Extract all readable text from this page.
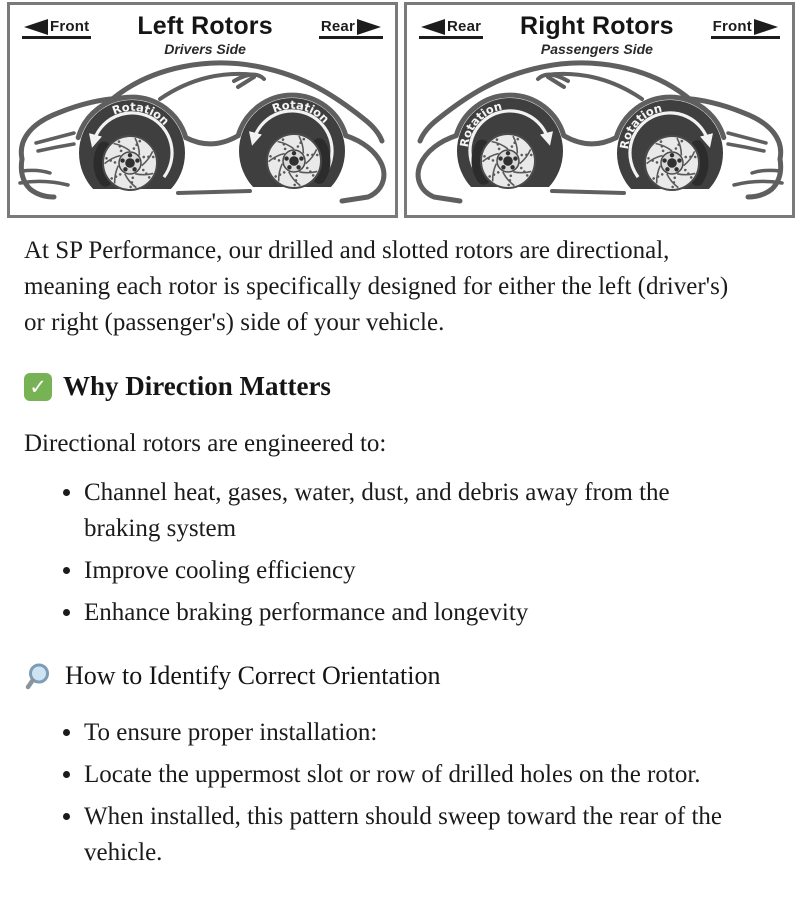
Front Left Rotors
Drivers Side
Rear	Rear Right Rotors
Passengers Side
Front

At SP Performance, our drilled and slotted rotors are directional, meaning each rotor is specifically designed for either the left (driver's) or right (passenger's) side of your vehicle.

✓ Why Direction Matters

Directional rotors are engineered to:

• Channel heat, gases, water, dust, and debris away from the braking system
• Improve cooling efficiency
• Enhance braking performance and longevity
How to Identify Correct Orientation
• To ensure proper installation:
• Locate the uppermost slot or row of drilled holes on the rotor.
• When installed, this pattern should sweep toward the rear of the vehicle.
